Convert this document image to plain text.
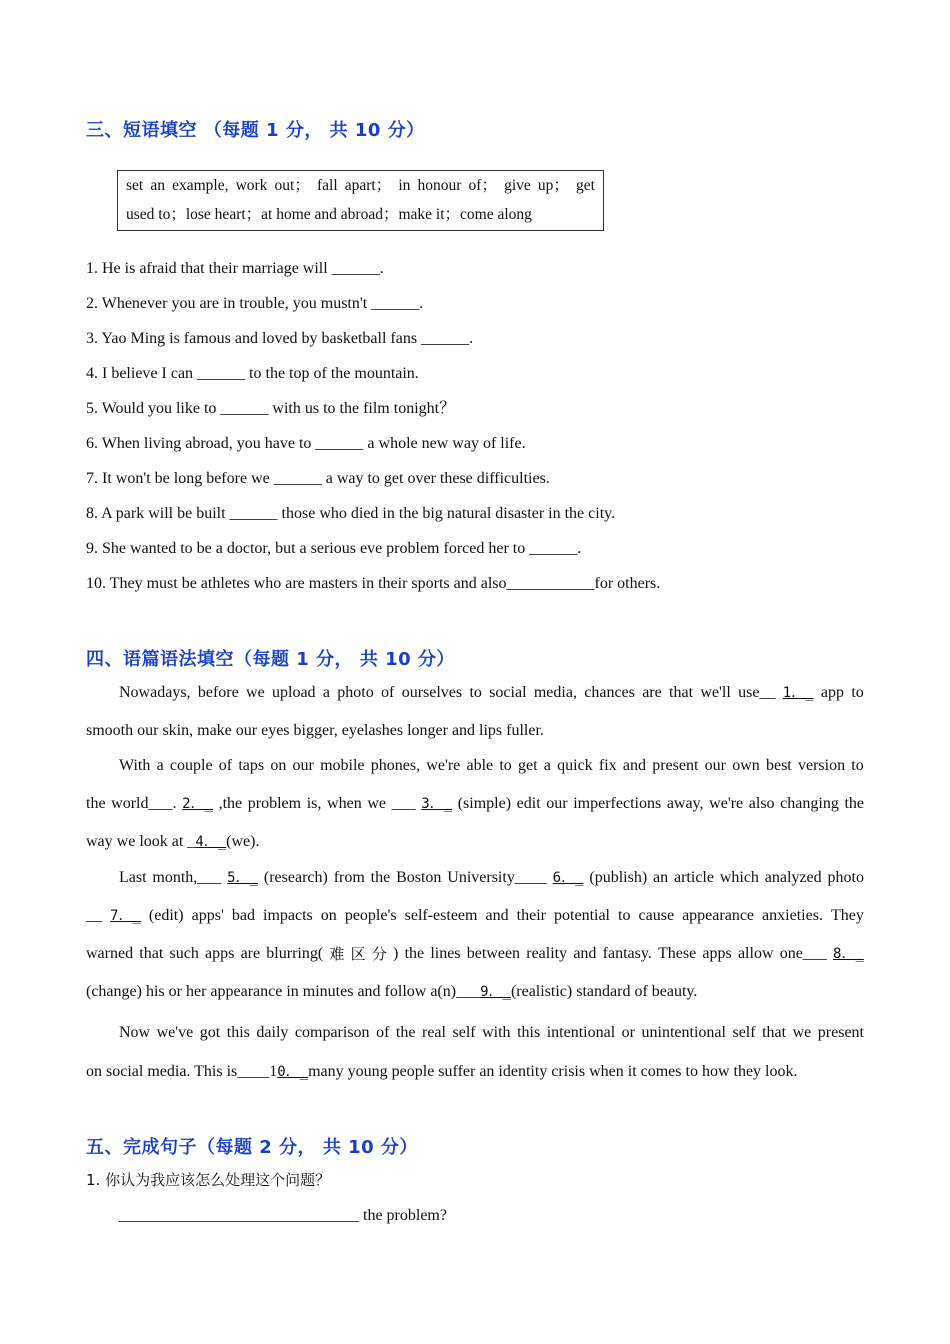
三、短语填空 （每题 1 分， 共 10 分）
set an example, work out； fall apart； in honour of； give up； get
used to；lose heart；at home and abroad；make it；come along
1. He is afraid that their marriage will ______.
2. Whenever you are in trouble, you mustn't ______.
3. Yao Ming is famous and loved by basketball fans ______.
4. I believe I can ______ to the top of the mountain.
5. Would you like to ______ with us to the film tonight？
6. When living abroad, you have to ______ a whole new way of life.
7. It won't be long before we ______ a way to get over these difficulties.
8. A park will be built ______ those who died in the big natural disaster in the city.
9. She wanted to be a doctor, but a serious eve problem forced her to ______.
10. They must be athletes who are masters in their sports and also___________for others.
四、语篇语法填空（每题 1 分， 共 10 分）
Nowadays, before we upload a photo of ourselves to social media, chances are that we'll use__ 1．_ app to
smooth our skin, make our eyes bigger, eyelashes longer and lips fuller.
With a couple of taps on our mobile phones, we're able to get a quick fix and present our own best version to
the world___. 2．_ ,the problem is, when we ___ 3．_ (simple) edit our imperfections away, we're also changing the
way we look at _ 4．_ (we).
Last month,___ 5．_ (research) from the Boston University____ 6．_ (publish) an article which analyzed photo
__ 7．_ (edit) apps' bad impacts on people's self-esteem and their potential to cause appearance anxieties. They
warned that such apps are blurring( 难 区 分 ) the lines between reality and fantasy. These apps allow one___ 8．_
(change) his or her appearance in minutes and follow a(n)___ 9．_ (realistic) standard of beauty.
Now we've got this daily comparison of the real self with this intentional or unintentional self that we present
on social media. This is____1 0．_ many young people suffer an identity crisis when it comes to how they look.
五、完成句子（每题 2 分， 共 10 分）
1. 你认为我应该怎么处理这个问题？
______________________________ the problem?
